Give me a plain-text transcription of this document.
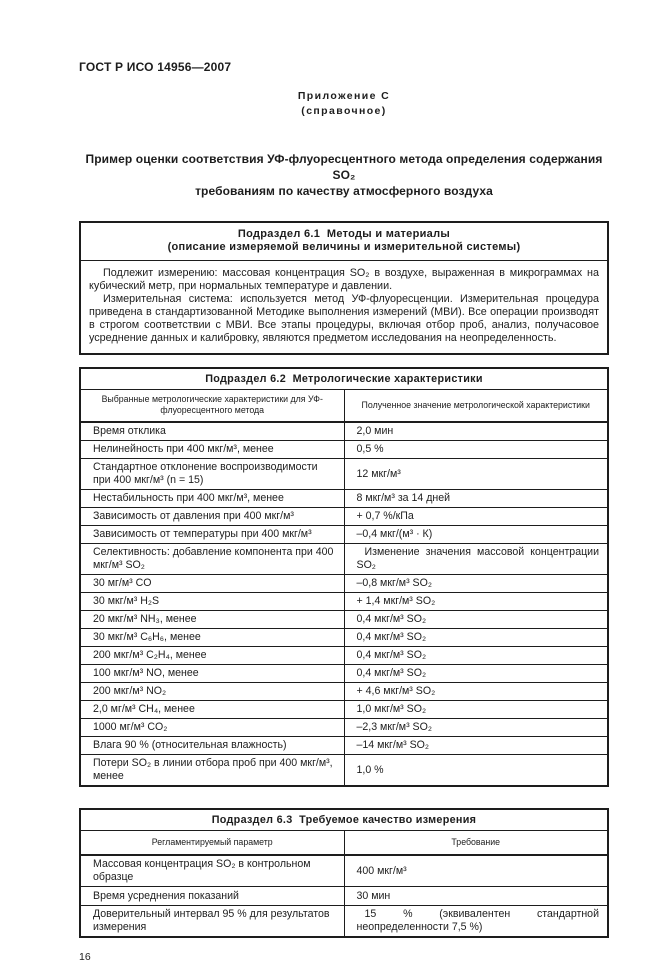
ГОСТ Р ИСО 14956—2007
Приложение С
(справочное)
Пример оценки соответствия УФ-флуоресцентного метода определения содержания SO₂
требованиям по качеству атмосферного воздуха
Подраздел 6.1  Методы и материалы
(описание измеряемой величины и измерительной системы)

Подлежит измерению: массовая концентрация SO₂ в воздухе, выраженная в микрограммах на кубический метр, при нормальных температуре и давлении.

Измерительная система: используется метод УФ-флуоресценции. Измерительная процедура приведена в стандартизованной Методике выполнения измерений (МВИ). Все операции производят в строгом соответствии с МВИ. Все этапы процедуры, включая отбор проб, анализ, получасовое усреднение данных и калибровку, являются предметом исследования на неопределенность.

Подраздел 6.2  Метрологические характеристики	
Выбранные метрологические характеристики для УФ-флуоресцентного метода	Полученное значение метрологической характеристики
Время отклика	2,0 мин
Нелинейность при 400 мкг/м³, менее	0,5 %
Стандартное отклонение воспроизводимости при 400 мкг/м³ (n = 15)	12 мкг/м³
Нестабильность при 400 мкг/м³, менее	8 мкг/м³ за 14 дней
Зависимость от давления при 400 мкг/м³	+ 0,7 %/кПа
Зависимость от температуры при 400 мкг/м³	–0,4 мкг/(м³ · К)
Селективность: добавление компонента при 400 мкг/м³ SO₂	Изменение значения массовой концентрации SO₂
30 мг/м³ CO	–0,8 мкг/м³ SO₂
30 мкг/м³ H₂S	+ 1,4 мкг/м³ SO₂
20 мкг/м³ NH₃, менее	0,4 мкг/м³ SO₂
30 мкг/м³ C₆H₆, менее	0,4 мкг/м³ SO₂
200 мкг/м³ C₂H₄, менее	0,4 мкг/м³ SO₂
100 мкг/м³ NO, менее	0,4 мкг/м³ SO₂
200 мкг/м³ NO₂	+ 4,6 мкг/м³ SO₂
2,0 мг/м³ CH₄, менее	1,0 мкг/м³ SO₂
1000 мг/м³ CO₂	–2,3 мкг/м³ SO₂
Влага 90 % (относительная влажность)	–14 мкг/м³ SO₂
Потери SO₂ в линии отбора проб при 400 мкг/м³, менее	1,0 %
Подраздел 6.3  Требуемое качество измерения	
Регламентируемый параметр	Требование
Массовая концентрация SO₂ в контрольном образце	400 мкг/м³
Время усреднения показаний	30 мин
Доверительный интервал 95 % для результатов измерения	15 % (эквивалентен стандартной неопределенности 7,5 %)
16
